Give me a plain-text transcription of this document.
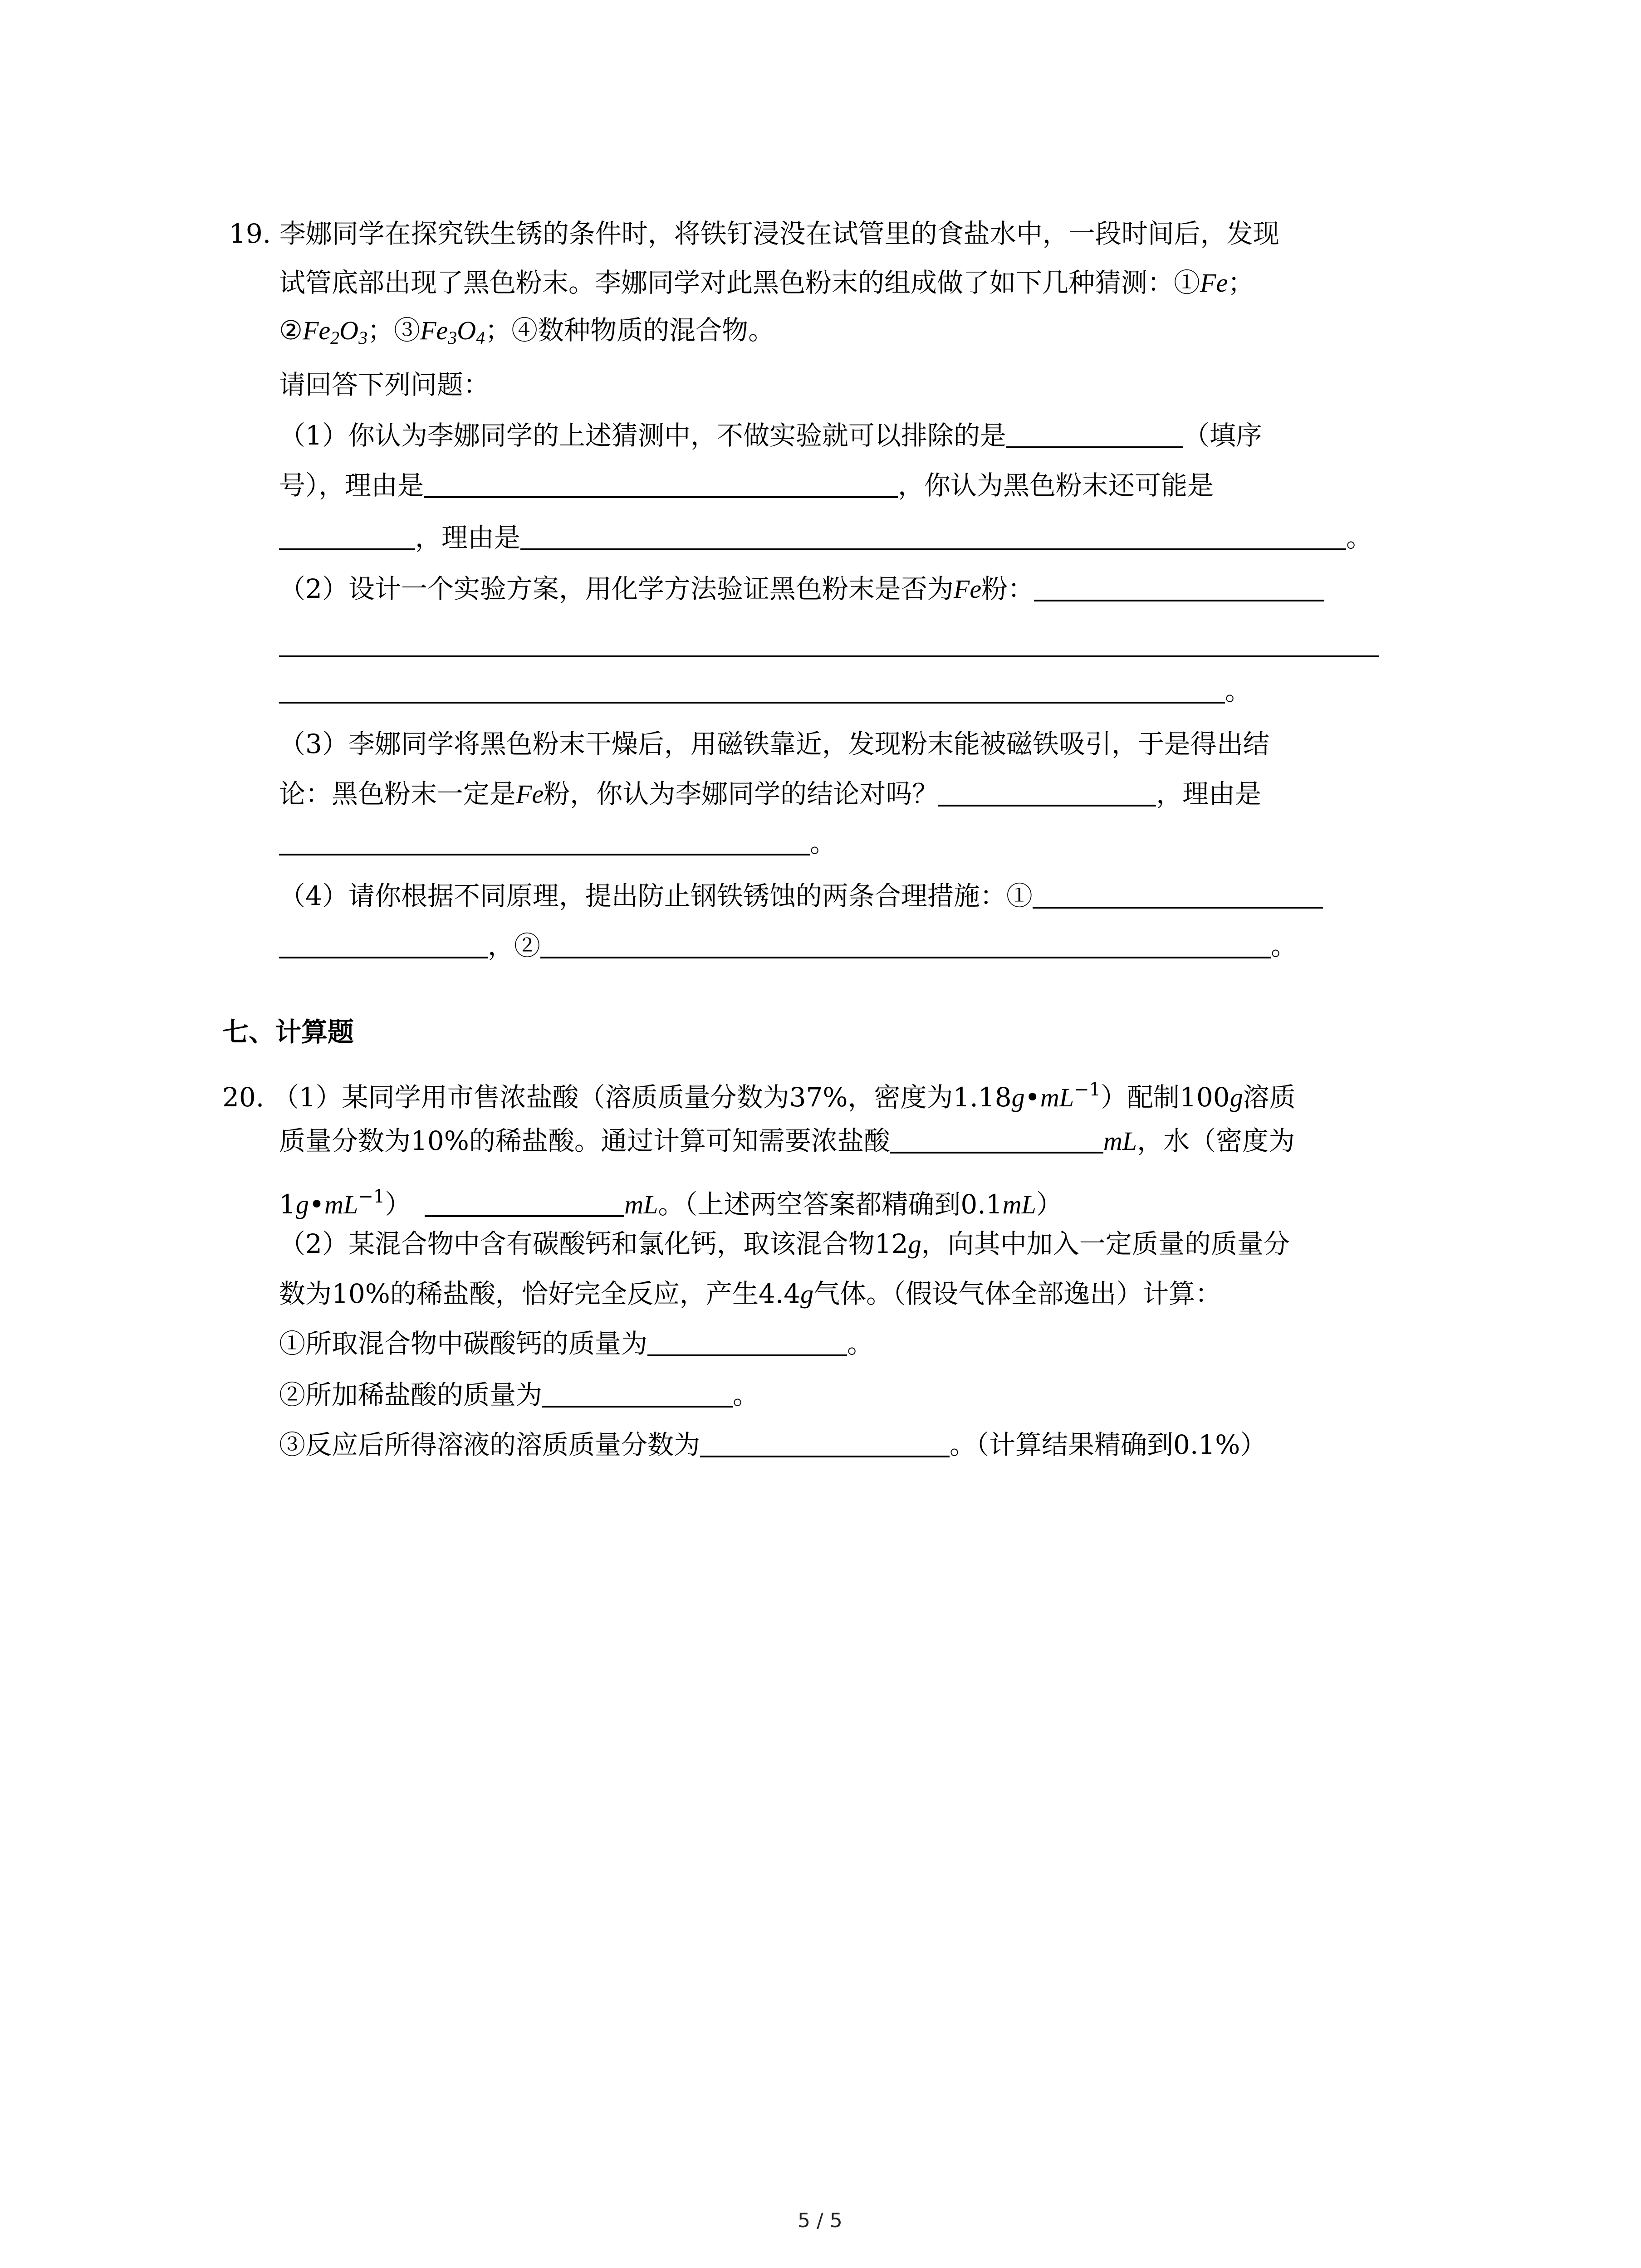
19. 李娜同学在探究铁生锈的条件时，将铁钉浸没在试管里的食盐水中，一段时间后，发现
试管底部出现了黑色粉末。李娜同学对此黑色粉末的组成做了如下几种猜测：①Fe；
$②Fe_2O_3$；$③Fe_3O_4$；④数种物质的混合物。
请回答下列问题：
（1）你认为李娜同学的上述猜测中，不做实验就可以排除的是	（填序
号），理由是	，你认为黑色粉末还可能是
，理由是	。
（2）设计一个实验方案，用化学方法验证黑色粉末是否为Fe粉：
。
（3）李娜同学将黑色粉末干燥后，用磁铁靠近，发现粉末能被磁铁吸引，于是得出结
论：黑色粉末一定是Fe粉，你认为李娜同学的结论对吗？	，理由是
。
（4）请你根据不同原理，提出防止钢铁锈蚀的两条合理措施：①
，②	。
七、计算题
20. （1）某同学用市售浓盐酸（溶质质量分数为37%，密度为$1.18g•mL^{-1}$）配制100g溶质
质量分数为10%的稀盐酸。通过计算可知需要浓盐酸	mL，水（密度为
$1g•mL^{-1}$）	mL。（上述两空答案都精确到0.1mL）
（2）某混合物中含有碳酸钙和氯化钙，取该混合物12g，向其中加入一定质量的质量分
数为10%的稀盐酸，恰好完全反应，产生4.4g气体。（假设气体全部逸出）计算：
①所取混合物中碳酸钙的质量为	。
②所加稀盐酸的质量为	。
③反应后所得溶液的溶质质量分数为	。（计算结果精确到0.1%）
5 / 5
